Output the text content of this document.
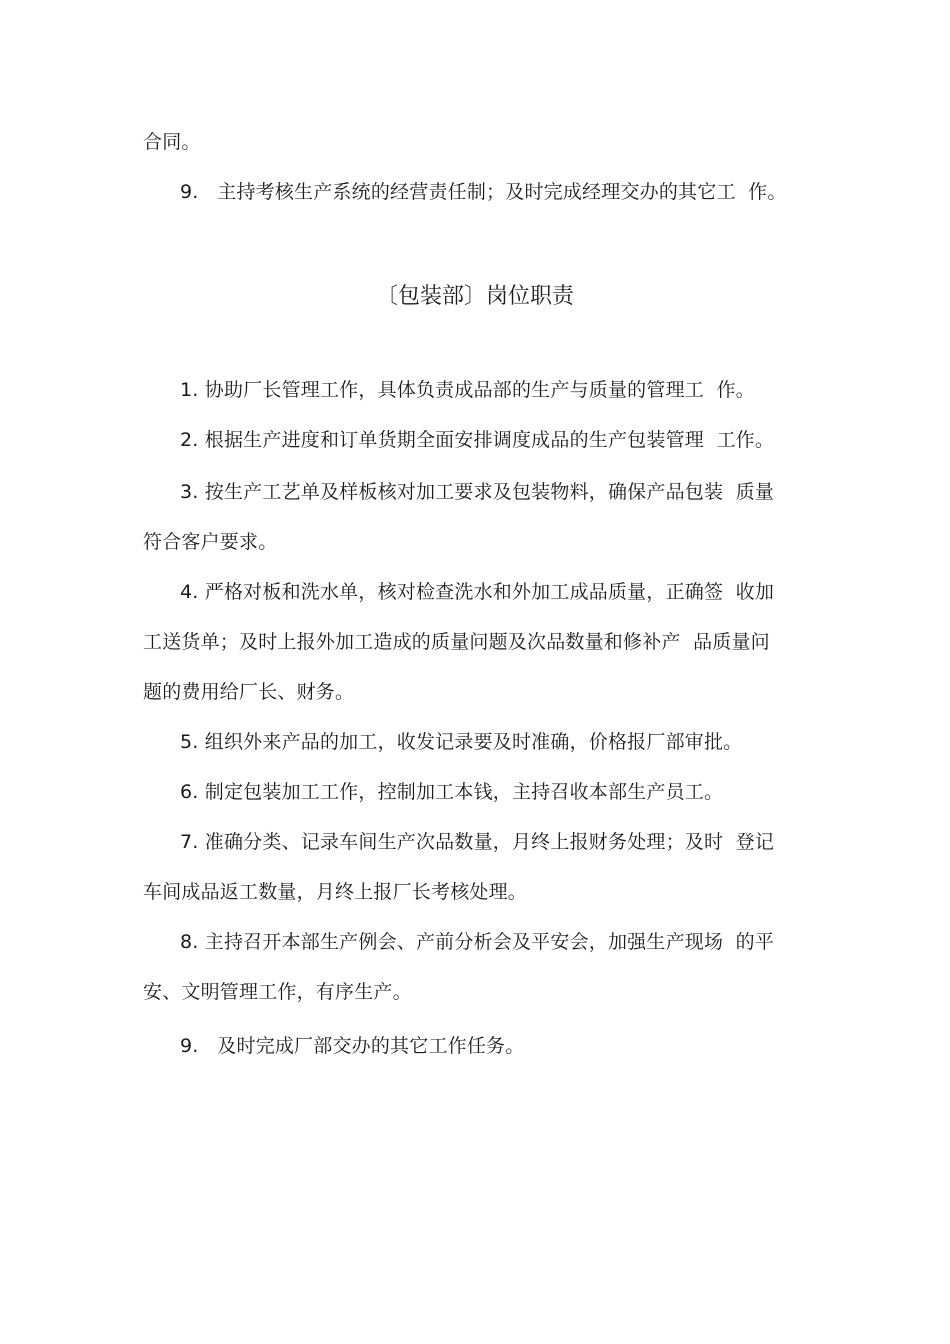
合同。
9.   主持考核生产系统的经营责任制；及时完成经理交办的其它工  作。
〔包装部〕岗位职责
1. 协助厂长管理工作，具体负责成品部的生产与质量的管理工  作。
2. 根据生产进度和订单货期全面安排调度成品的生产包装管理  工作。
3. 按生产工艺单及样板核对加工要求及包装物料，确保产品包装  质量
符合客户要求。
4. 严格对板和洗水单，核对检查洗水和外加工成品质量，正确签  收加
工送货单；及时上报外加工造成的质量问题及次品数量和修补产  品质量问
题的费用给厂长、财务。
5. 组织外来产品的加工，收发记录要及时准确，价格报厂部审批。
6. 制定包装加工工作，控制加工本钱，主持召收本部生产员工。
7. 准确分类、记录车间生产次品数量，月终上报财务处理；及时  登记
车间成品返工数量，月终上报厂长考核处理。
8. 主持召开本部生产例会、产前分析会及平安会，加强生产现场  的平
安、文明管理工作，有序生产。
9.   及时完成厂部交办的其它工作任务。
